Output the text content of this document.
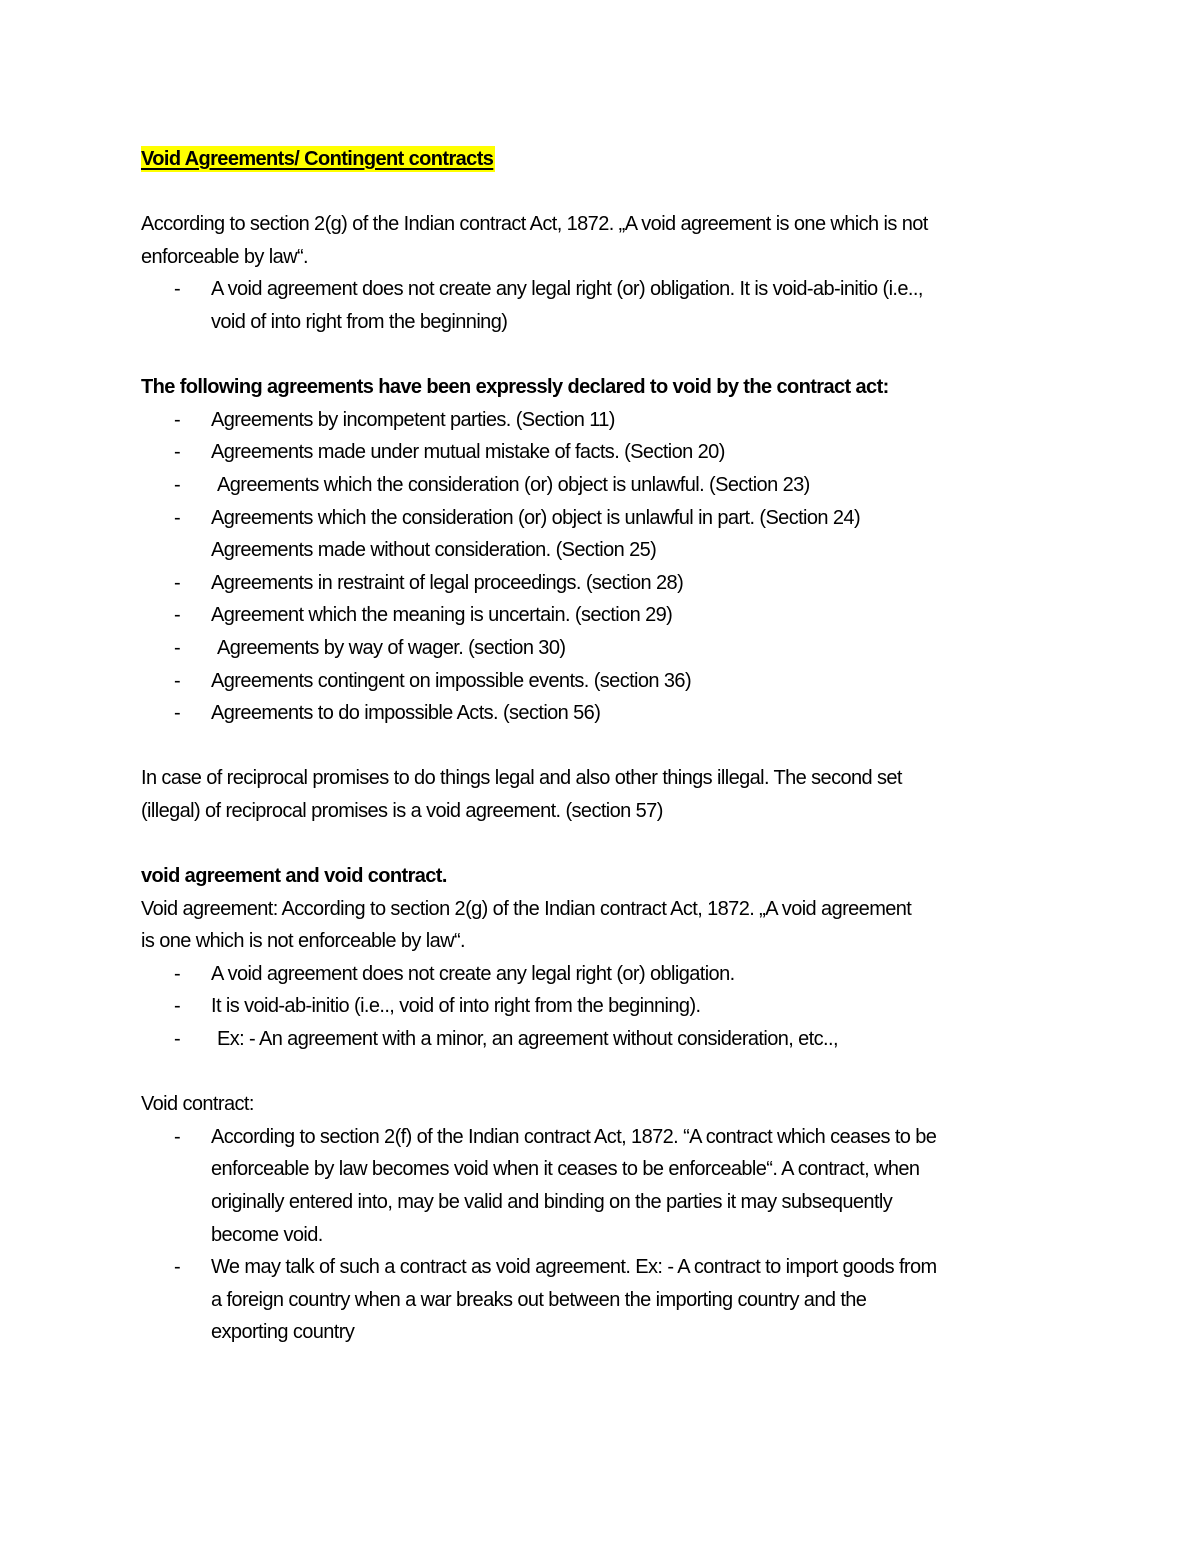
Void Agreements/ Contingent contracts
According to section 2(g) of the Indian contract Act, 1872. „A void agreement is one which is not
enforceable by law“.
- A void agreement does not create any legal right (or) obligation. It is void-ab-initio (i.e..,
void of into right from the beginning)
The following agreements have been expressly declared to void by the contract act:
- Agreements by incompetent parties. (Section 11)
- Agreements made under mutual mistake of facts. (Section 20)
- Agreements which the consideration (or) object is unlawful. (Section 23)
- Agreements which the consideration (or) object is unlawful in part. (Section 24)
Agreements made without consideration. (Section 25)
- Agreements in restraint of legal proceedings. (section 28)
- Agreement which the meaning is uncertain. (section 29)
- Agreements by way of wager. (section 30)
- Agreements contingent on impossible events. (section 36)
- Agreements to do impossible Acts. (section 56)
In case of reciprocal promises to do things legal and also other things illegal. The second set
(illegal) of reciprocal promises is a void agreement. (section 57)
void agreement and void contract.
Void agreement: According to section 2(g) of the Indian contract Act, 1872. „A void agreement
is one which is not enforceable by law“.
- A void agreement does not create any legal right (or) obligation.
- It is void-ab-initio (i.e.., void of into right from the beginning).
- Ex: - An agreement with a minor, an agreement without consideration, etc..,
Void contract:
- According to section 2(f) of the Indian contract Act, 1872. “A contract which ceases to be
enforceable by law becomes void when it ceases to be enforceable“. A contract, when
originally entered into, may be valid and binding on the parties it may subsequently
become void.
- We may talk of such a contract as void agreement. Ex: - A contract to import goods from
a foreign country when a war breaks out between the importing country and the
exporting country
